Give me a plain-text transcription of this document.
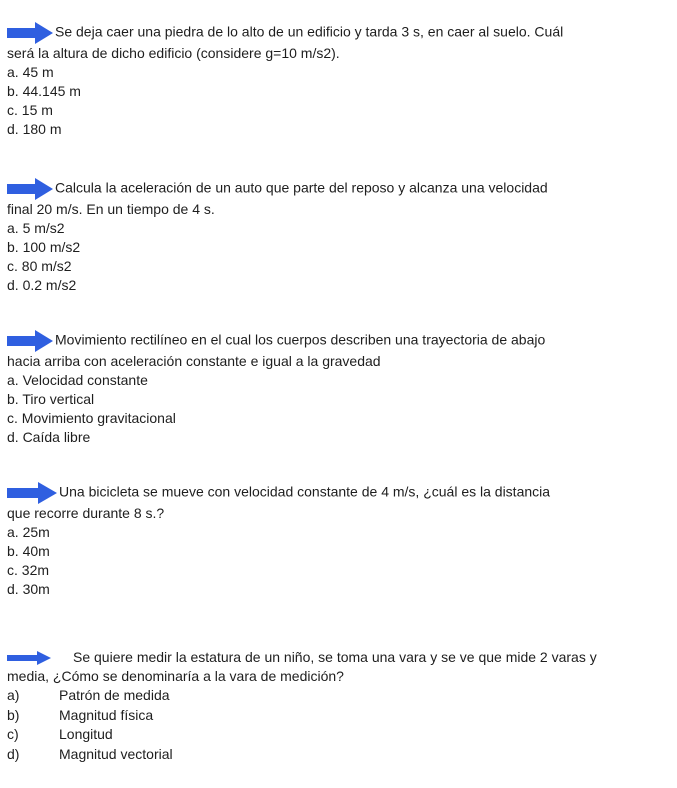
Se deja caer una piedra de lo alto de un edificio y tarda 3 s, en caer al suelo. Cuál
será la altura de dicho edificio (considere g=10 m/s2).
a. 45 m
b. 44.145 m
c. 15 m
d. 180 m
Calcula la aceleración de un auto que parte del reposo y alcanza una velocidad
final 20 m/s. En un tiempo de 4 s.
a. 5 m/s2
b. 100 m/s2
c. 80 m/s2
d. 0.2 m/s2
Movimiento rectilíneo en el cual los cuerpos describen una trayectoria de abajo
hacia arriba con aceleración constante e igual a la gravedad
a. Velocidad constante
b. Tiro vertical
c. Movimiento gravitacional
d. Caída libre
Una bicicleta se mueve con velocidad constante de 4 m/s, ¿cuál es la distancia
que recorre durante 8 s.?
a. 25m
b. 40m
c. 32m
d. 30m
Se quiere medir la estatura de un niño, se toma una vara y se ve que mide 2 varas y
media, ¿Cómo se denominaría a la vara de medición?
a)	Patrón de medida
b)	Magnitud física
c)	Longitud
d)	Magnitud vectorial
